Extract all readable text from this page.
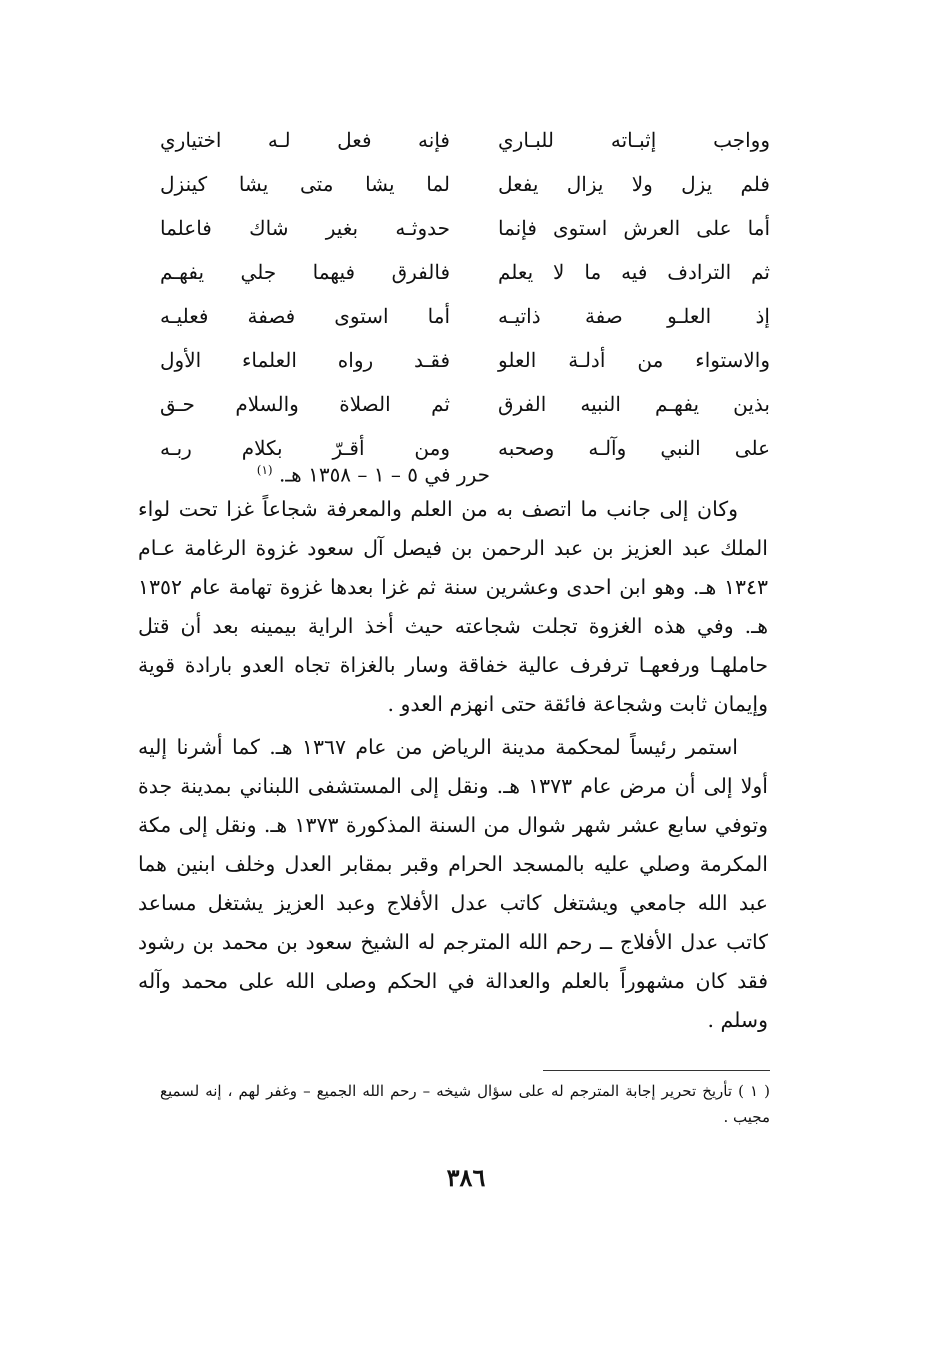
وواجب إثبـاته للبـاري
فإنه فعل لـه اختياري
فلم يزل ولا يزال يفعل
لما يشا متى يشا كينزل
أما على العرش استوى فإنما
حدوثـه بغير شاك فاعلما
ثم الترادف فيه ما لا يعلم
فالفرق فيهما جلي يفهـم
إذ العلـو صفة ذاتيـه
أما استوى فصفة فعليـه
والاستواء من أدلـة العلو
فقـد رواه العلماء الأول
بذين يفهـم النبيه الفرق
ثم الصلاة والسلام حـق
على النبي وآلـه وصحبه
ومن أقـرّ بكلام ربـه
حرر في ٥ – ١ – ١٣٥٨ هـ. $^{(١)}$

وكان إلى جانب ما اتصف به من العلم والمعرفة شجاعاً غزا تحت لواء الملك عبد العزيز بن عبد الرحمن بن فيصل آل سعود غزوة الرغامة عـام ١٣٤٣ هـ. وهو ابن احدى وعشرين سنة ثم غزا بعدها غزوة تهامة عام ١٣٥٢ هـ. وفي هذه الغزوة تجلت شجاعته حيث أخذ الراية بيمينه بعد أن قتل حاملهـا ورفعهـا ترفرف عالية خفاقة وسار بالغزاة تجاه العدو بارادة قوية وإيمان ثابت وشجاعة فائقة حتى انهزم العدو .

استمر رئيساً لمحكمة مدينة الرياض من عام ١٣٦٧ هـ. كما أشرنا إليه أولا إلى أن مرض عام ١٣٧٣ هـ. ونقل إلى المستشفى اللبناني بمدينة جدة وتوفي سابع عشر شهر شوال من السنة المذكورة ١٣٧٣ هـ. ونقل إلى مكة المكرمة وصلي عليه بالمسجد الحرام وقبر بمقابر العدل وخلف ابنين هما عبد الله جامعي ويشتغل كاتب عدل الأفلاج وعبد العزيز يشتغل مساعد كاتب عدل الأفلاج ــ رحم الله المترجم له الشيخ سعود بن محمد بن رشود فقد كان مشهوراً بالعلم والعدالة في الحكم وصلى الله على محمد وآله وسلم .

( ١ ) تأريخ تحرير إجابة المترجم له على سؤال شيخه – رحم الله الجميع – وغفر لهم ، إنه لسميع مجيب .
٣٨٦
